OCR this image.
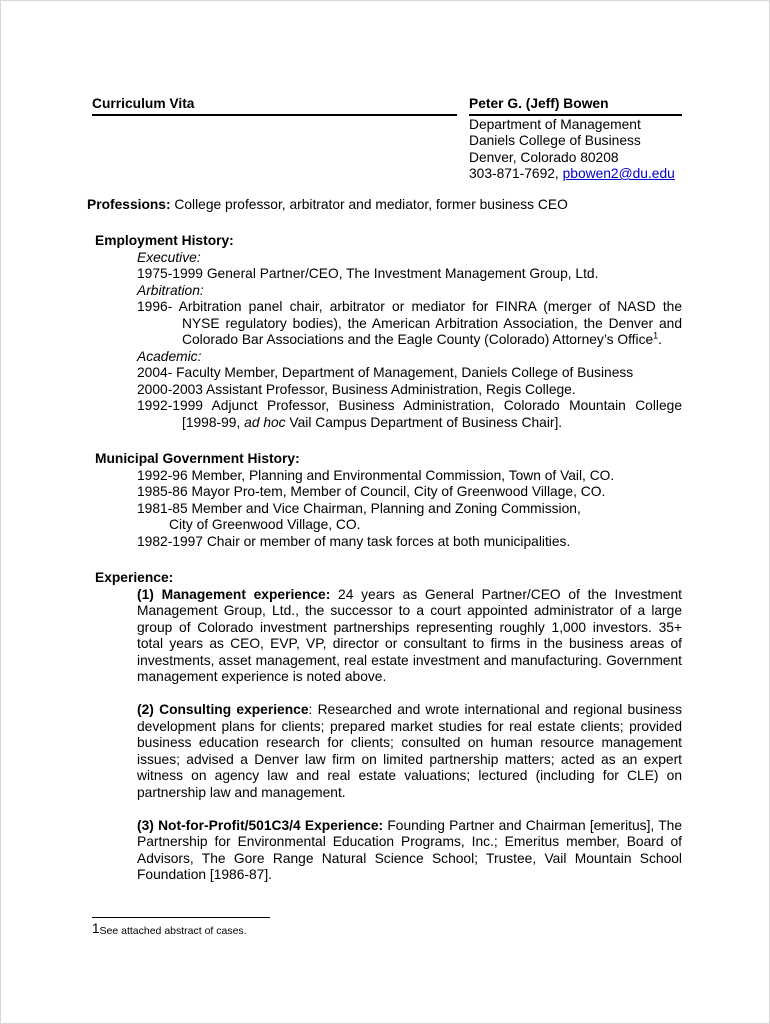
Curriculum Vita	Peter G. (Jeff) Bowen
Department of Management
Daniels College of Business
Denver, Colorado 80208
303-871-7692, pbowen2@du.edu
Professions: College professor, arbitrator and mediator, former business CEO
Employment History:
Executive:
1975-1999 General Partner/CEO, The Investment Management Group, Ltd.
Arbitration:
1996- Arbitration panel chair, arbitrator or mediator for FINRA (merger of NASD the NYSE regulatory bodies), the American Arbitration Association, the Denver and Colorado Bar Associations and the Eagle County (Colorado) Attorney’s Office$^1$.
Academic:
2004- Faculty Member, Department of Management, Daniels College of Business
2000-2003 Assistant Professor, Business Administration, Regis College.
1992-1999 Adjunct Professor, Business Administration, Colorado Mountain College [1998-99, ad hoc Vail Campus Department of Business Chair].
Municipal Government History:
1992-96 Member, Planning and Environmental Commission, Town of Vail, CO.
1985-86 Mayor Pro-tem, Member of Council, City of Greenwood Village, CO.
1981-85 Member and Vice Chairman, Planning and Zoning Commission,
City of Greenwood Village, CO.
1982-1997 Chair or member of many task forces at both municipalities.
Experience:
(1) Management experience: 24 years as General Partner/CEO of the Investment Management Group, Ltd., the successor to a court appointed administrator of a large group of Colorado investment partnerships representing roughly 1,000 investors. 35+ total years as CEO, EVP, VP, director or consultant to firms in the business areas of investments, asset management, real estate investment and manufacturing. Government management experience is noted above.
(2) Consulting experience: Researched and wrote international and regional business development plans for clients; prepared market studies for real estate clients; provided business education research for clients; consulted on human resource management issues; advised a Denver law firm on limited partnership matters; acted as an expert witness on agency law and real estate valuations; lectured (including for CLE) on partnership law and management.
(3) Not-for-Profit/501C3/4 Experience: Founding Partner and Chairman [emeritus], The Partnership for Environmental Education Programs, Inc.; Emeritus member, Board of Advisors, The Gore Range Natural Science School; Trustee, Vail Mountain School Foundation [1986-87].
1See attached abstract of cases.
